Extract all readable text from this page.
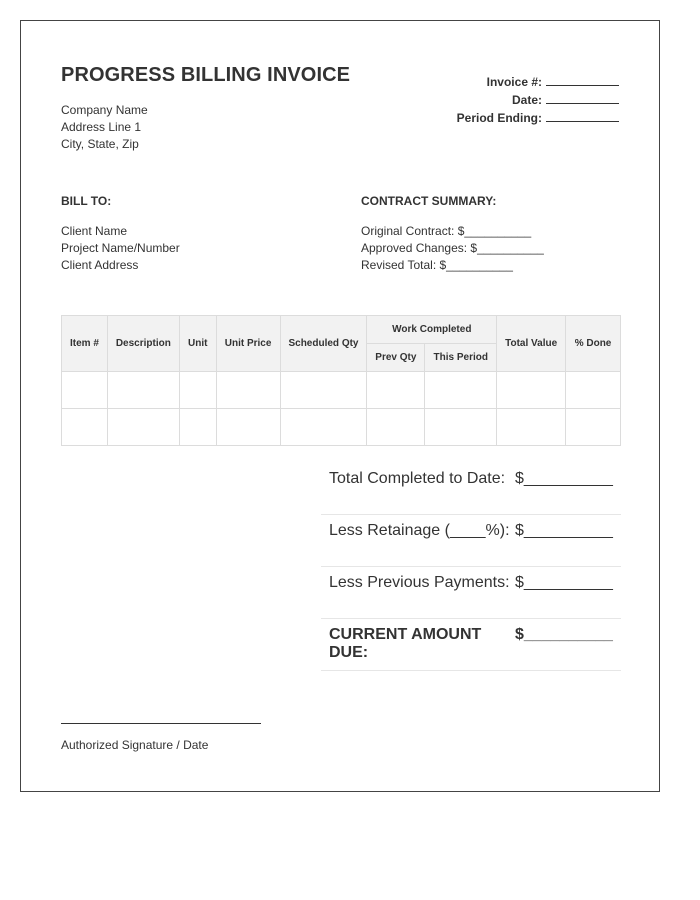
PROGRESS BILLING INVOICE
Company Name
Address Line 1
City, State, Zip
Invoice #:
Date:
Period Ending:
BILL TO:
Client Name
Project Name/Number
Client Address
CONTRACT SUMMARY:
Original Contract: $__________
Approved Changes: $__________
Revised Total: $__________
Item #	Description	Unit	Unit Price	Scheduled Qty	Work Completed		Total Value	% Done
					Prev Qty	This Period		

Total Completed to Date: $__________
Less Retainage (____%): $__________
Less Previous Payments: $__________
CURRENT AMOUNT DUE:
$__________
Authorized Signature / Date
